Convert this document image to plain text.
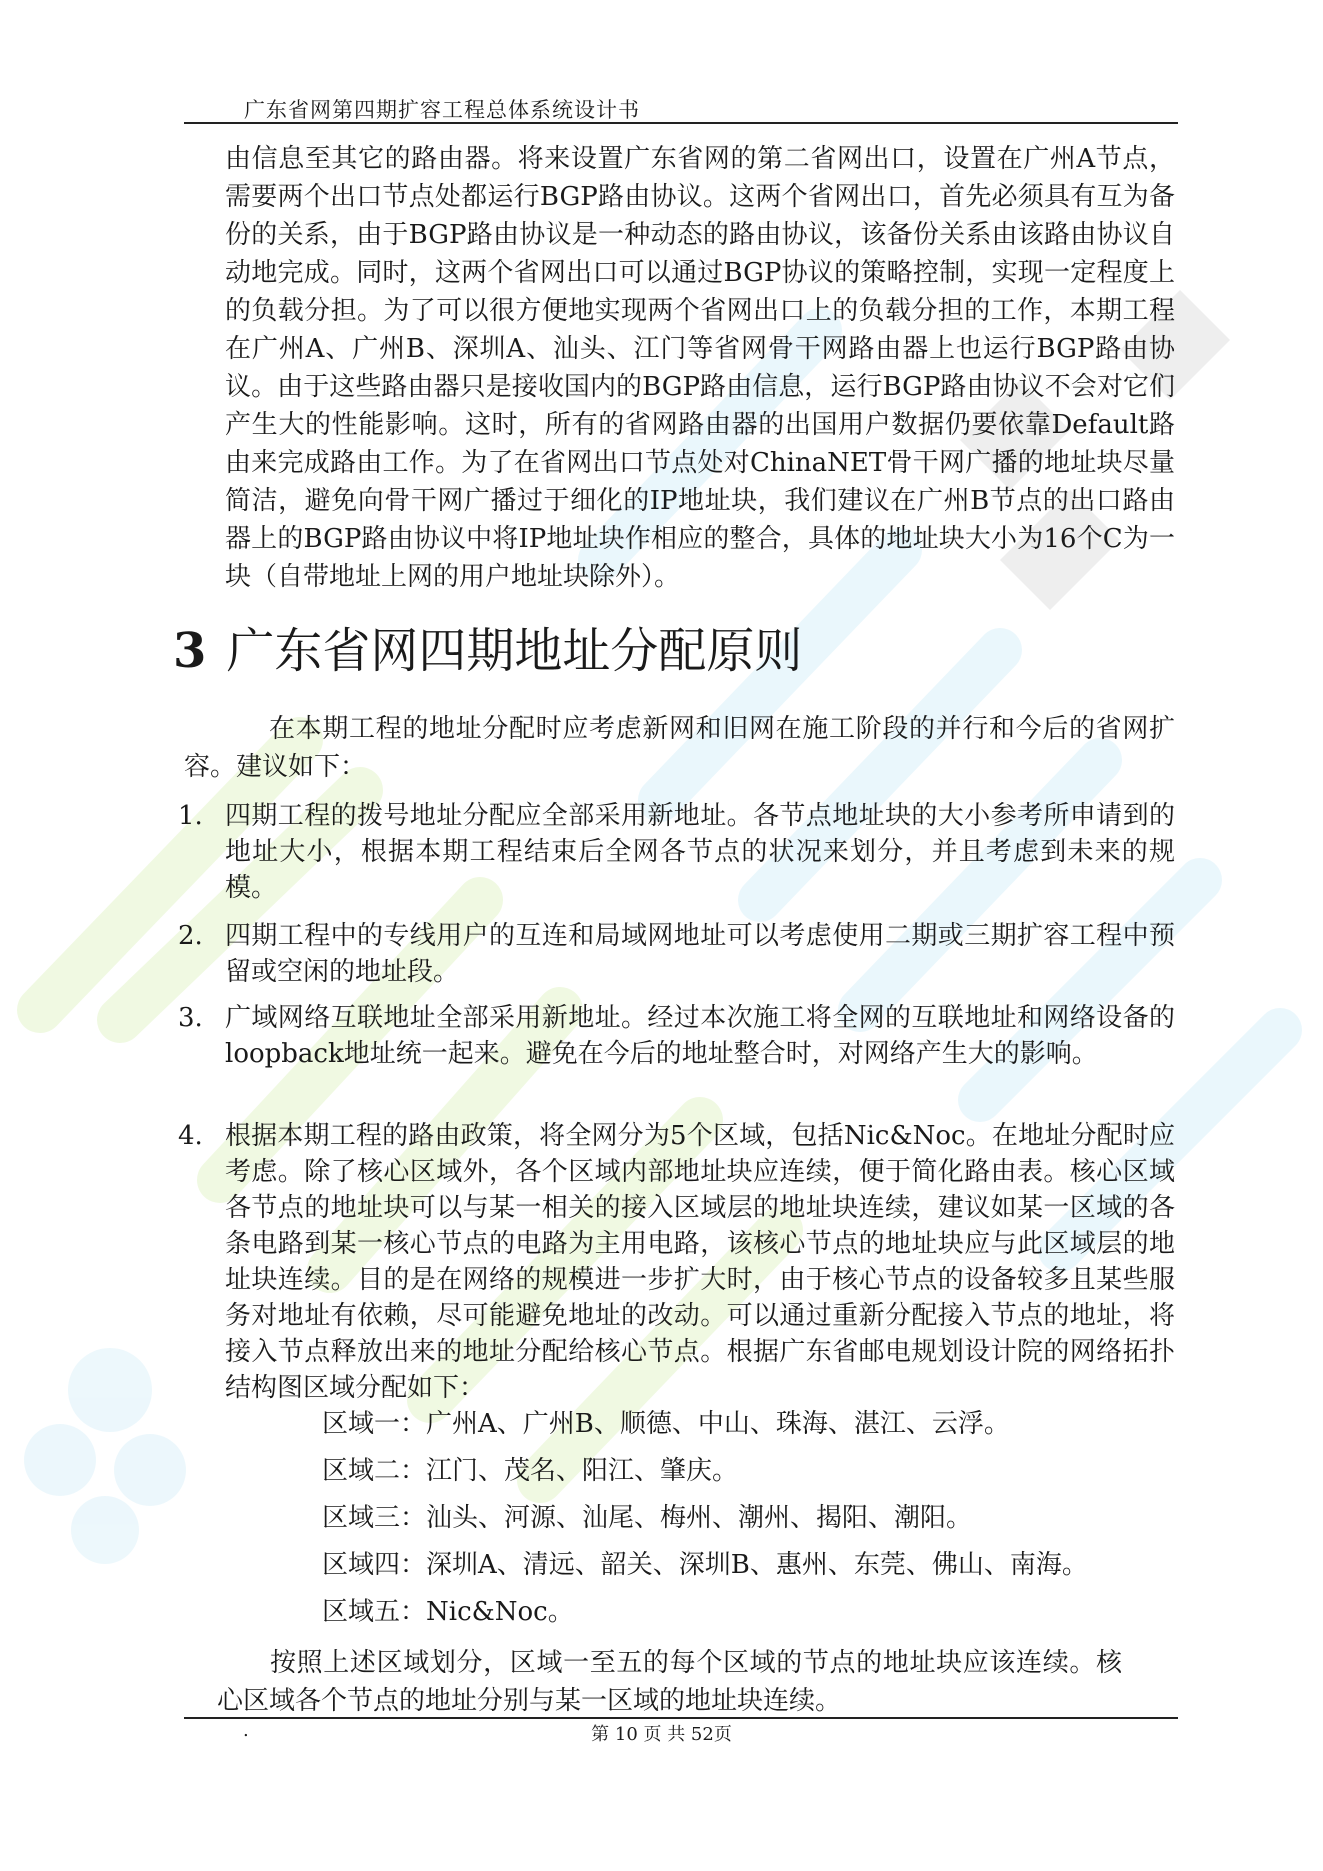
广东省网第四期扩容工程总体系统设计书

由信息至其它的路由器。将来设置广东省网的第二省网出口，设置在广州A节点，需要两个出口节点处都运行BGP路由协议。这两个省网出口，首先必须具有互为备份的关系，由于BGP路由协议是一种动态的路由协议，该备份关系由该路由协议自动地完成。同时，这两个省网出口可以通过BGP协议的策略控制，实现一定程度上的负载分担。为了可以很方便地实现两个省网出口上的负载分担的工作，本期工程在广州A、广州B、深圳A、汕头、江门等省网骨干网路由器上也运行BGP路由协议。由于这些路由器只是接收国内的BGP路由信息，运行BGP路由协议不会对它们产生大的性能影响。这时，所有的省网路由器的出国用户数据仍要依靠Default路由来完成路由工作。为了在省网出口节点处对ChinaNET骨干网广播的地址块尽量简洁，避免向骨干网广播过于细化的IP地址块，我们建议在广州B节点的出口路由器上的BGP路由协议中将IP地址块作相应的整合，具体的地址块大小为16个C为一块（自带地址上网的用户地址块除外）。

3 广东省网四期地址分配原则

在本期工程的地址分配时应考虑新网和旧网在施工阶段的并行和今后的省网扩容。建议如下：

1. 四期工程的拨号地址分配应全部采用新地址。各节点地址块的大小参考所申请到的地址大小，根据本期工程结束后全网各节点的状况来划分，并且考虑到未来的规模。
2. 四期工程中的专线用户的互连和局域网地址可以考虑使用二期或三期扩容工程中预留或空闲的地址段。
3. 广域网络互联地址全部采用新地址。经过本次施工将全网的互联地址和网络设备的loopback地址统一起来。避免在今后的地址整合时，对网络产生大的影响。
4. 根据本期工程的路由政策，将全网分为5个区域，包括Nic&Noc。在地址分配时应考虑。除了核心区域外，各个区域内部地址块应连续，便于简化路由表。核心区域各节点的地址块可以与某一相关的接入区域层的地址块连续，建议如某一区域的各条电路到某一核心节点的电路为主用电路，该核心节点的地址块应与此区域层的地址块连续。目的是在网络的规模进一步扩大时，由于核心节点的设备较多且某些服务对地址有依赖，尽可能避免地址的改动。可以通过重新分配接入节点的地址，将接入节点释放出来的地址分配给核心节点。根据广东省邮电规划设计院的网络拓扑结构图区域分配如下：

区域一：广州A、广州B、顺德、中山、珠海、湛江、云浮。

区域二：江门、茂名、阳江、肇庆。

区域三：汕头、河源、汕尾、梅州、潮州、揭阳、潮阳。

区域四：深圳A、清远、韶关、深圳B、惠州、东莞、佛山、南海。

区域五：Nic&Noc。

按照上述区域划分，区域一至五的每个区域的节点的地址块应该连续。核心区域各个节点的地址分别与某一区域的地址块连续。

.	第 10 页 共 52页
